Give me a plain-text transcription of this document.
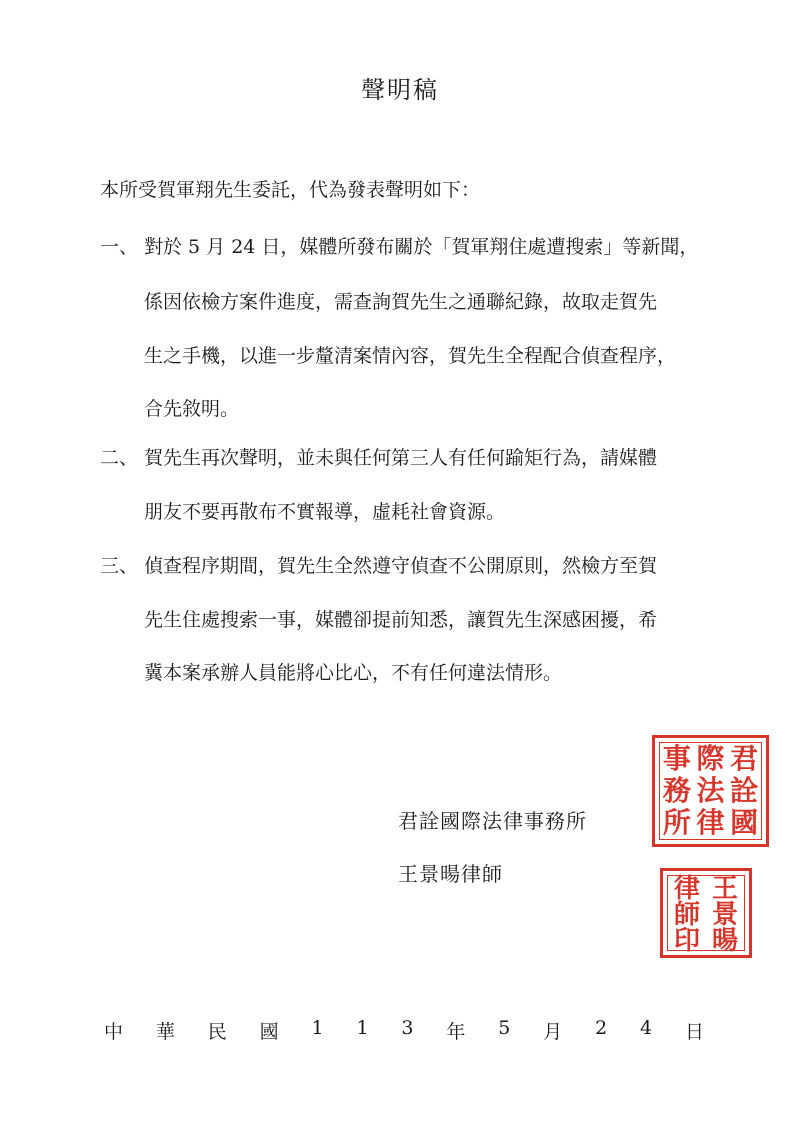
聲明稿
本所受賀軍翔先生委託，代為發表聲明如下：
一、 對於 5 月 24 日，媒體所發布關於「賀軍翔住處遭搜索」等新聞，
係因依檢方案件進度，需查詢賀先生之通聯紀錄，故取走賀先
生之手機，以進一步釐清案情內容，賀先生全程配合偵查程序，
合先敘明。
二、 賀先生再次聲明，並未與任何第三人有任何踰矩行為，請媒體
朋友不要再散布不實報導，虛耗社會資源。
三、 偵查程序期間，賀先生全然遵守偵查不公開原則，然檢方至賀
先生住處搜索一事，媒體卻提前知悉，讓賀先生深感困擾，希
冀本案承辦人員能將心比心，不有任何違法情形。
君詮國際法律事務所
王景暘律師
事 際 君
務 法 詮
所 律 國
律 王
師 景
印 暘
中 華 民 國 1 1 3 年 5 月 2 4 日
